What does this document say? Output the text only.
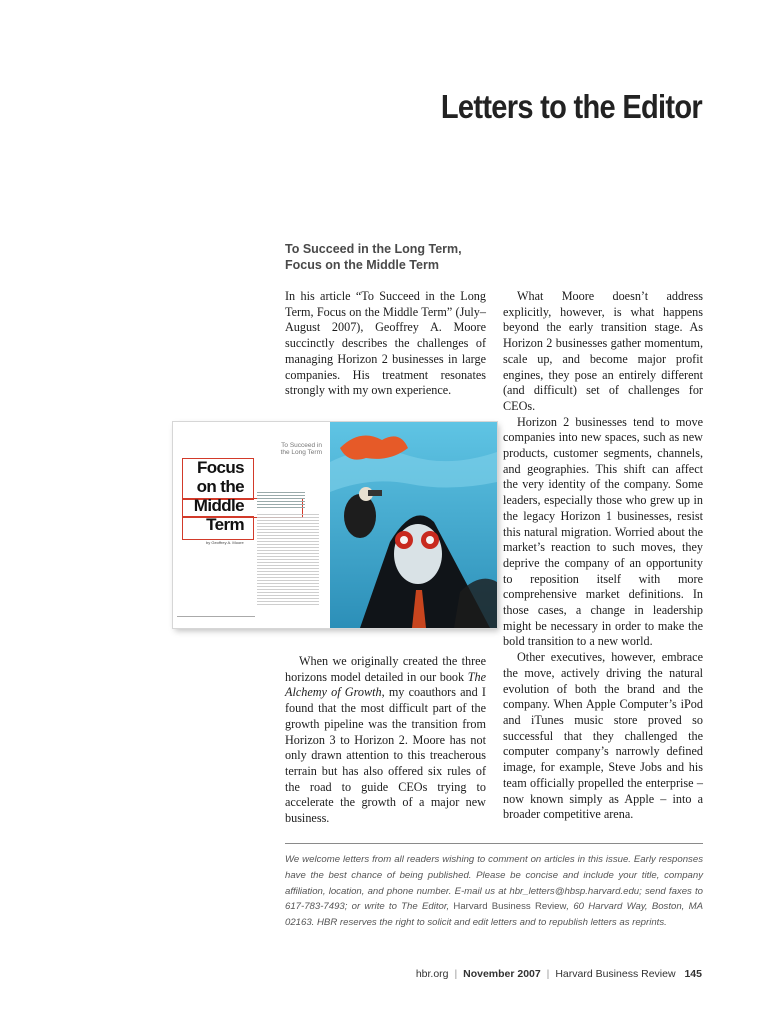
Letters to the Editor
To Succeed in the Long Term,
Focus on the Middle Term

In his article “To Succeed in the Long Term, Focus on the Middle Term” (July–August 2007), Geoffrey A. Moore succinctly describes the challenges of managing Horizon 2 businesses in large companies. His treatment resonates strongly with my own experience.

To Succeed in
the Long Term
Focus
on the
Middle
Term
by Geoffrey A. Moore

When we originally created the three horizons model detailed in our book The Alchemy of Growth, my coauthors and I found that the most difficult part of the growth pipeline was the transition from Horizon 3 to Horizon 2. Moore has not only drawn attention to this treacherous terrain but has also offered six rules of the road to guide CEOs trying to accelerate the growth of a major new business.

What Moore doesn’t address explicitly, however, is what happens beyond the early transition stage. As Horizon 2 businesses gather momentum, scale up, and become major profit engines, they pose an entirely different (and difficult) set of challenges for CEOs.

Horizon 2 businesses tend to move companies into new spaces, such as new products, customer segments, channels, and geographies. This shift can affect the very identity of the company. Some leaders, especially those who grew up in the legacy Horizon 1 businesses, resist this natural migration. Worried about the market’s reaction to such moves, they deprive the company of an opportunity to reposition itself with more comprehensive market definitions. In those cases, a change in leadership might be necessary in order to make the bold transition to a new world.

Other executives, however, embrace the move, actively driving the natural evolution of both the brand and the company. When Apple Computer’s iPod and iTunes music store proved so successful that they challenged the computer company’s narrowly defined image, for example, Steve Jobs and his team officially propelled the enterprise – now known simply as Apple – into a broader competitive arena.

We welcome letters from all readers wishing to comment on articles in this issue. Early responses have the best chance of being published. Please be concise and include your title, company affiliation, location, and phone number. E-mail us at hbr_letters@hbsp.harvard.edu; send faxes to 617-783-7493; or write to The Editor, Harvard Business Review, 60 Harvard Way, Boston, MA 02163. HBR reserves the right to solicit and edit letters and to republish letters as reprints.
hbr.org | November 2007 | Harvard Business Review 145
